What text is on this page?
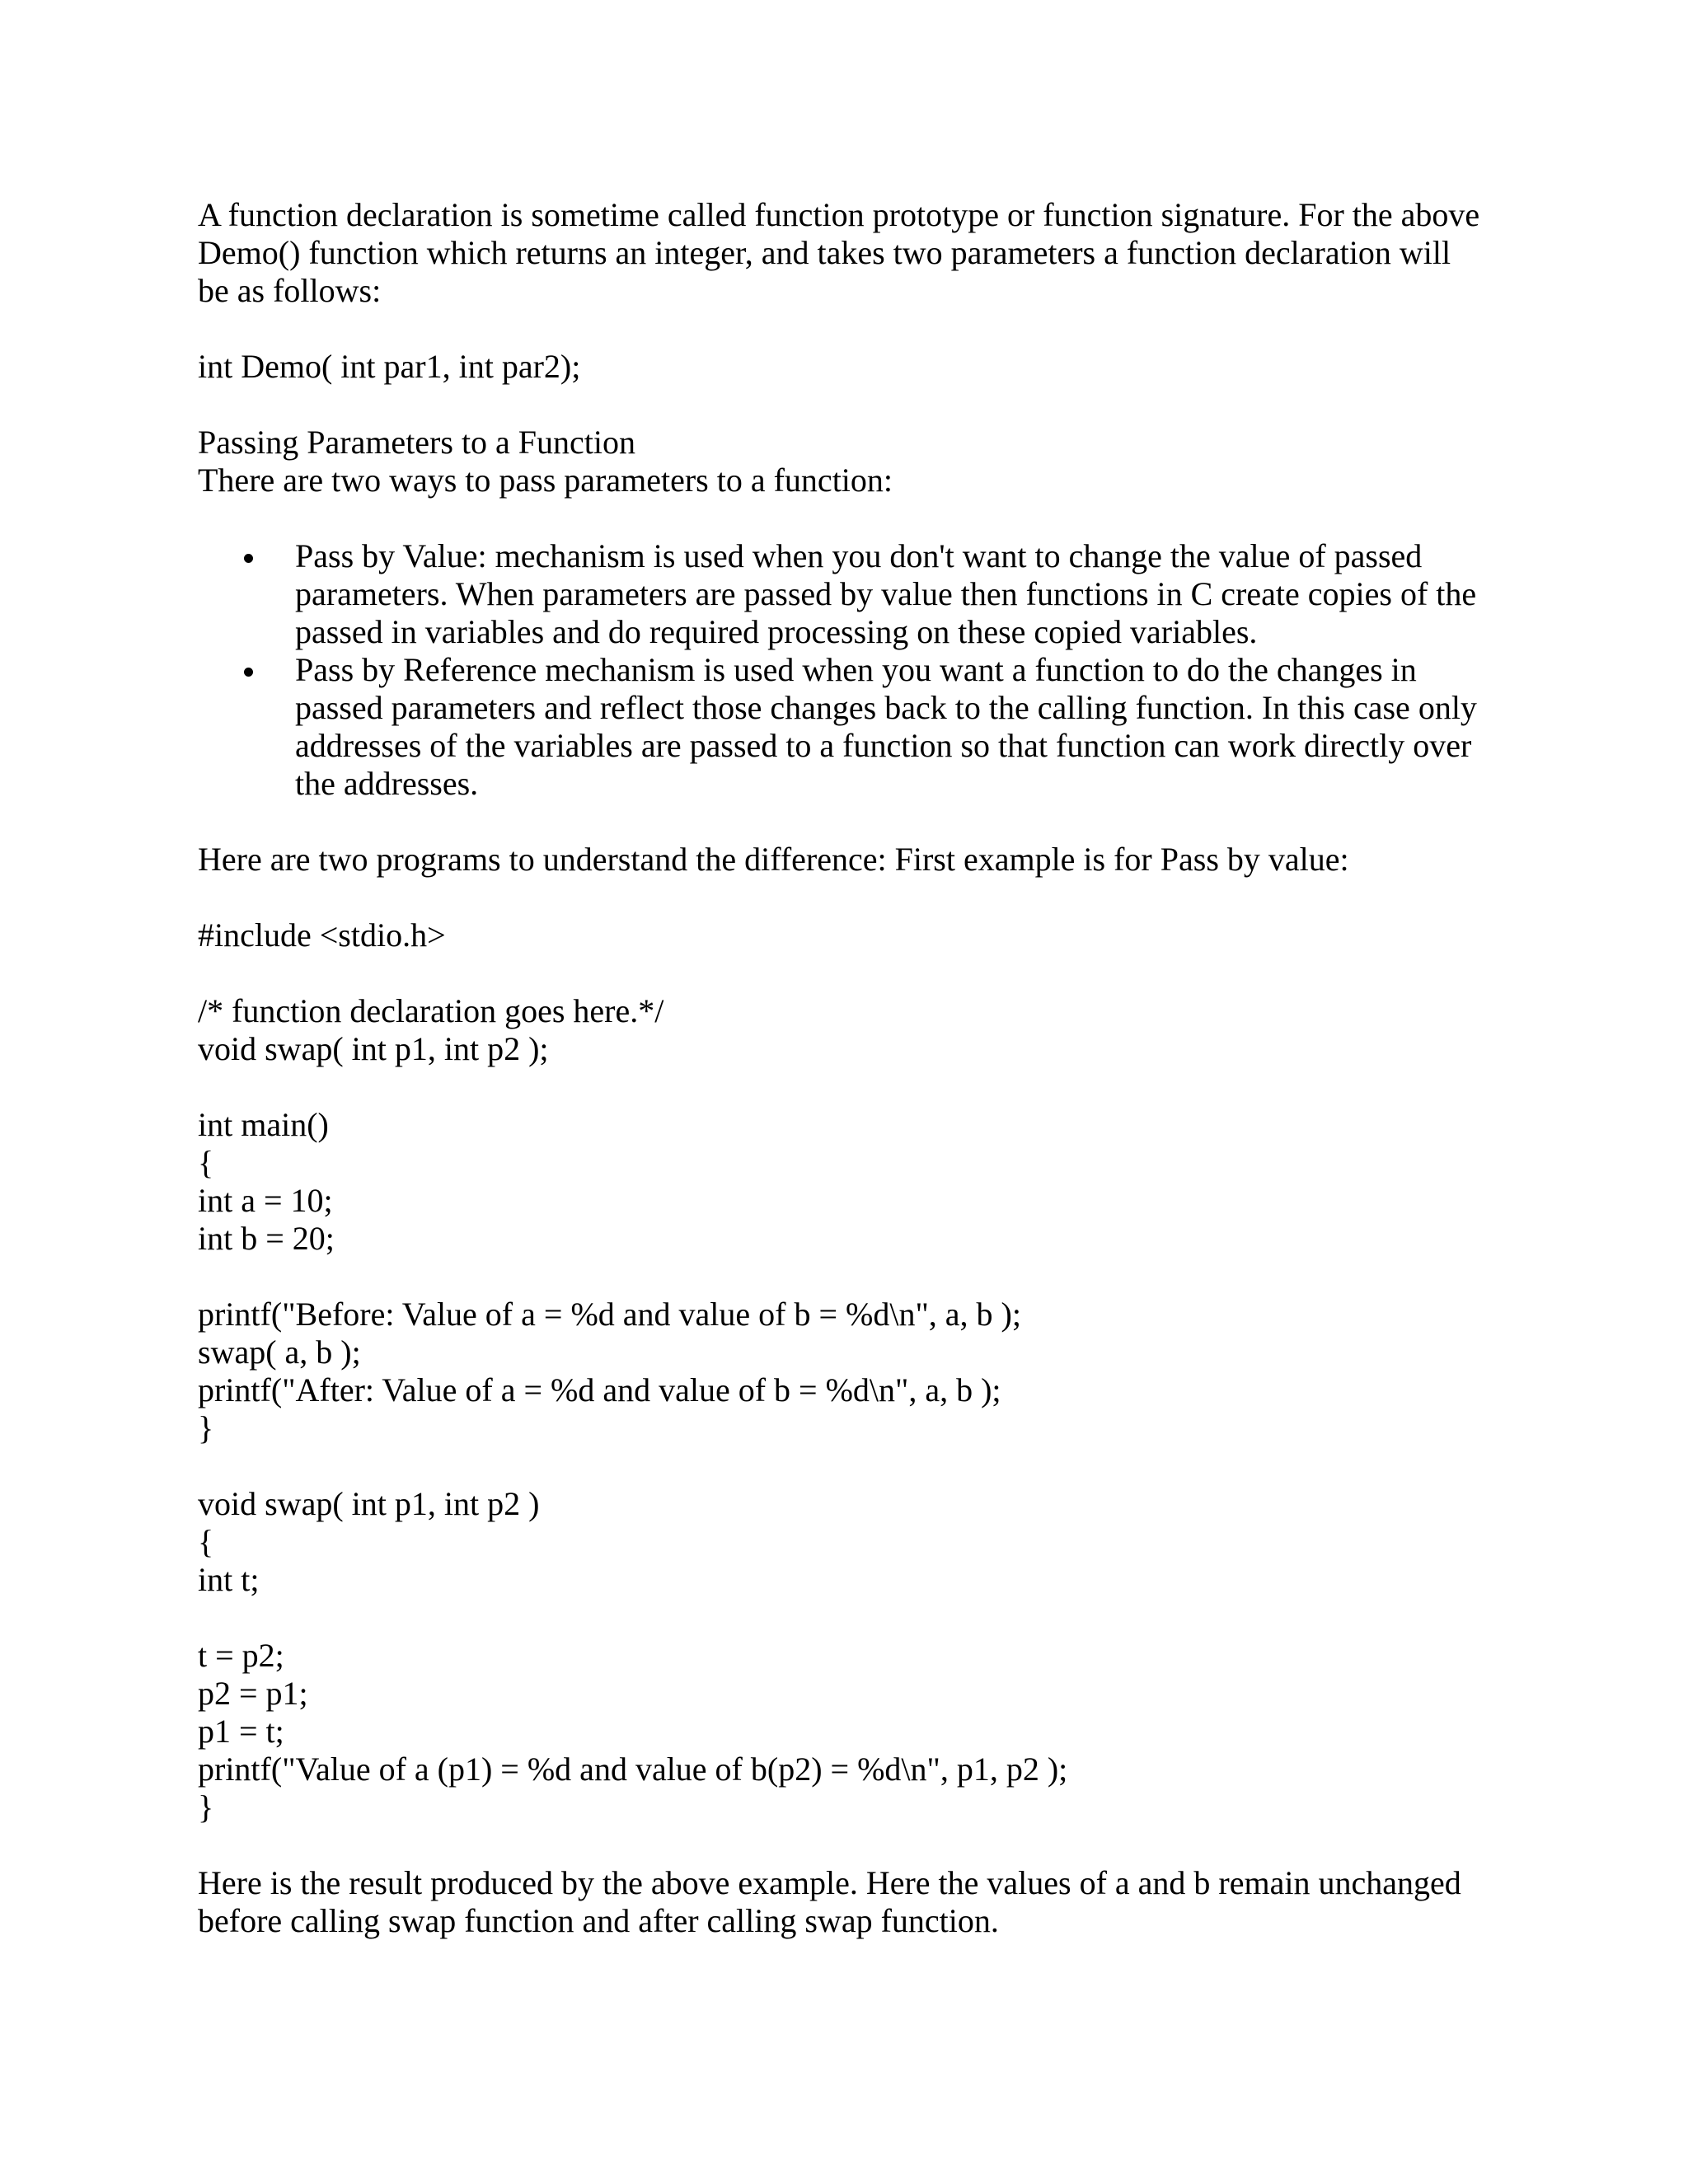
A function declaration is sometime called function prototype or function signature. For the above
Demo() function which returns an integer, and takes two parameters a function declaration will
be as follows:

int Demo( int par1, int par2);

Passing Parameters to a Function
There are two ways to pass parameters to a function:

Pass by Value: mechanism is used when you don't want to change the value of passed
parameters. When parameters are passed by value then functions in C create copies of the
passed in variables and do required processing on these copied variables.
Pass by Reference mechanism is used when you want a function to do the changes in
passed parameters and reflect those changes back to the calling function. In this case only
addresses of the variables are passed to a function so that function can work directly over
the addresses.

Here are two programs to understand the difference: First example is for Pass by value:

#include <stdio.h>
/* function declaration goes here.*/
void swap( int p1, int p2 );
int main()
{
int a = 10;
int b = 20;
printf("Before: Value of a = %d and value of b = %d\n", a, b );
swap( a, b );
printf("After: Value of a = %d and value of b = %d\n", a, b );
}
void swap( int p1, int p2 )
{
int t;
t = p2;
p2 = p1;
p1 = t;
printf("Value of a (p1) = %d and value of b(p2) = %d\n", p1, p2 );
}

Here is the result produced by the above example. Here the values of a and b remain unchanged
before calling swap function and after calling swap function.
